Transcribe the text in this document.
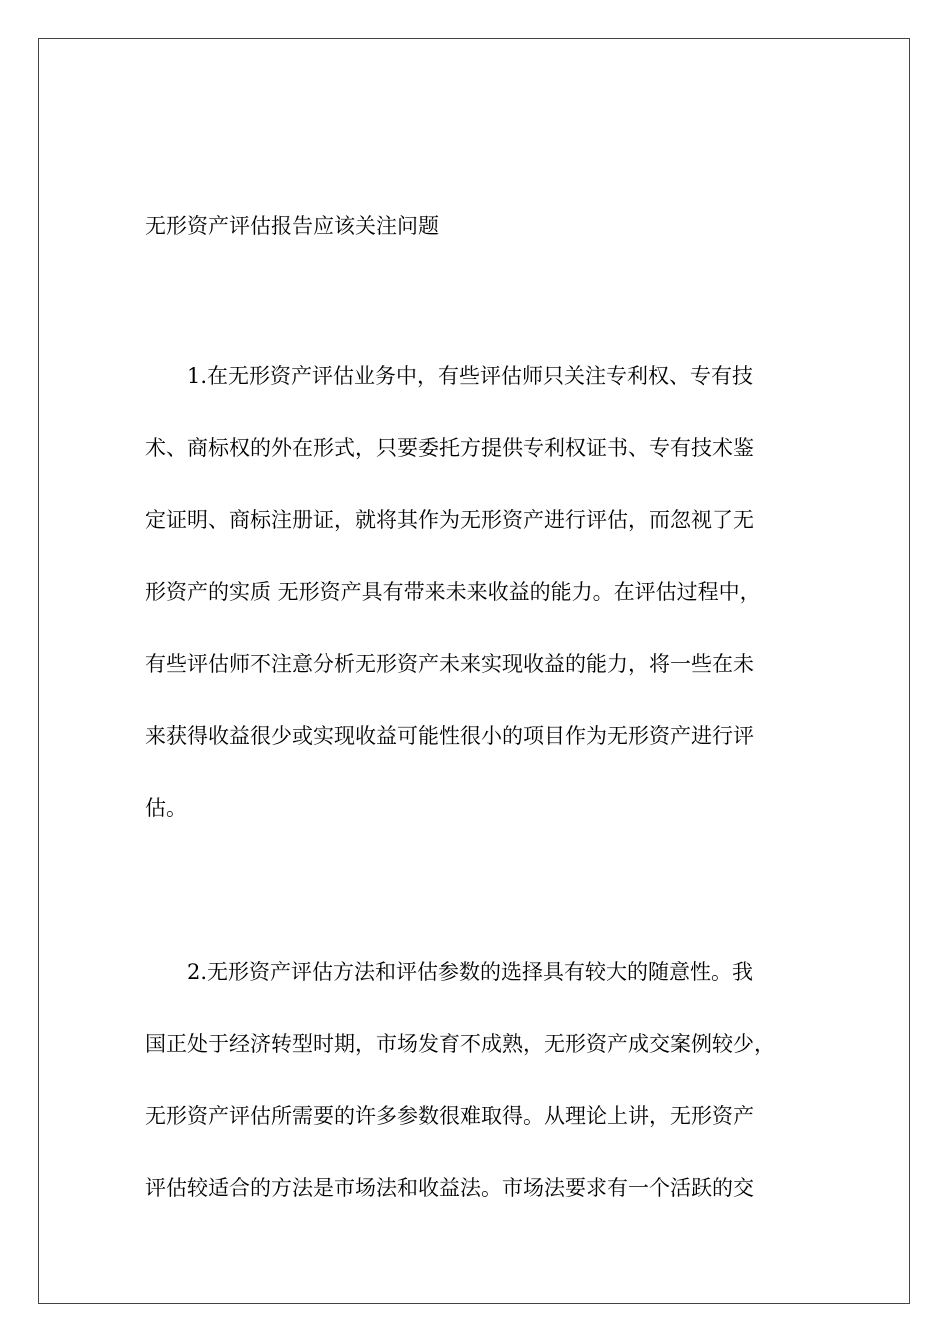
无形资产评估报告应该关注问题
1.在无形资产评估业务中，有些评估师只关注专利权、专有技
术、商标权的外在形式，只要委托方提供专利权证书、专有技术鉴
定证明、商标注册证，就将其作为无形资产进行评估，而忽视了无
形资产的实质 无形资产具有带来未来收益的能力。在评估过程中，
有些评估师不注意分析无形资产未来实现收益的能力，将一些在未
来获得收益很少或实现收益可能性很小的项目作为无形资产进行评
估。
2.无形资产评估方法和评估参数的选择具有较大的随意性。我
国正处于经济转型时期，市场发育不成熟，无形资产成交案例较少，
无形资产评估所需要的许多参数很难取得。从理论上讲，无形资产
评估较适合的方法是市场法和收益法。市场法要求有一个活跃的交
